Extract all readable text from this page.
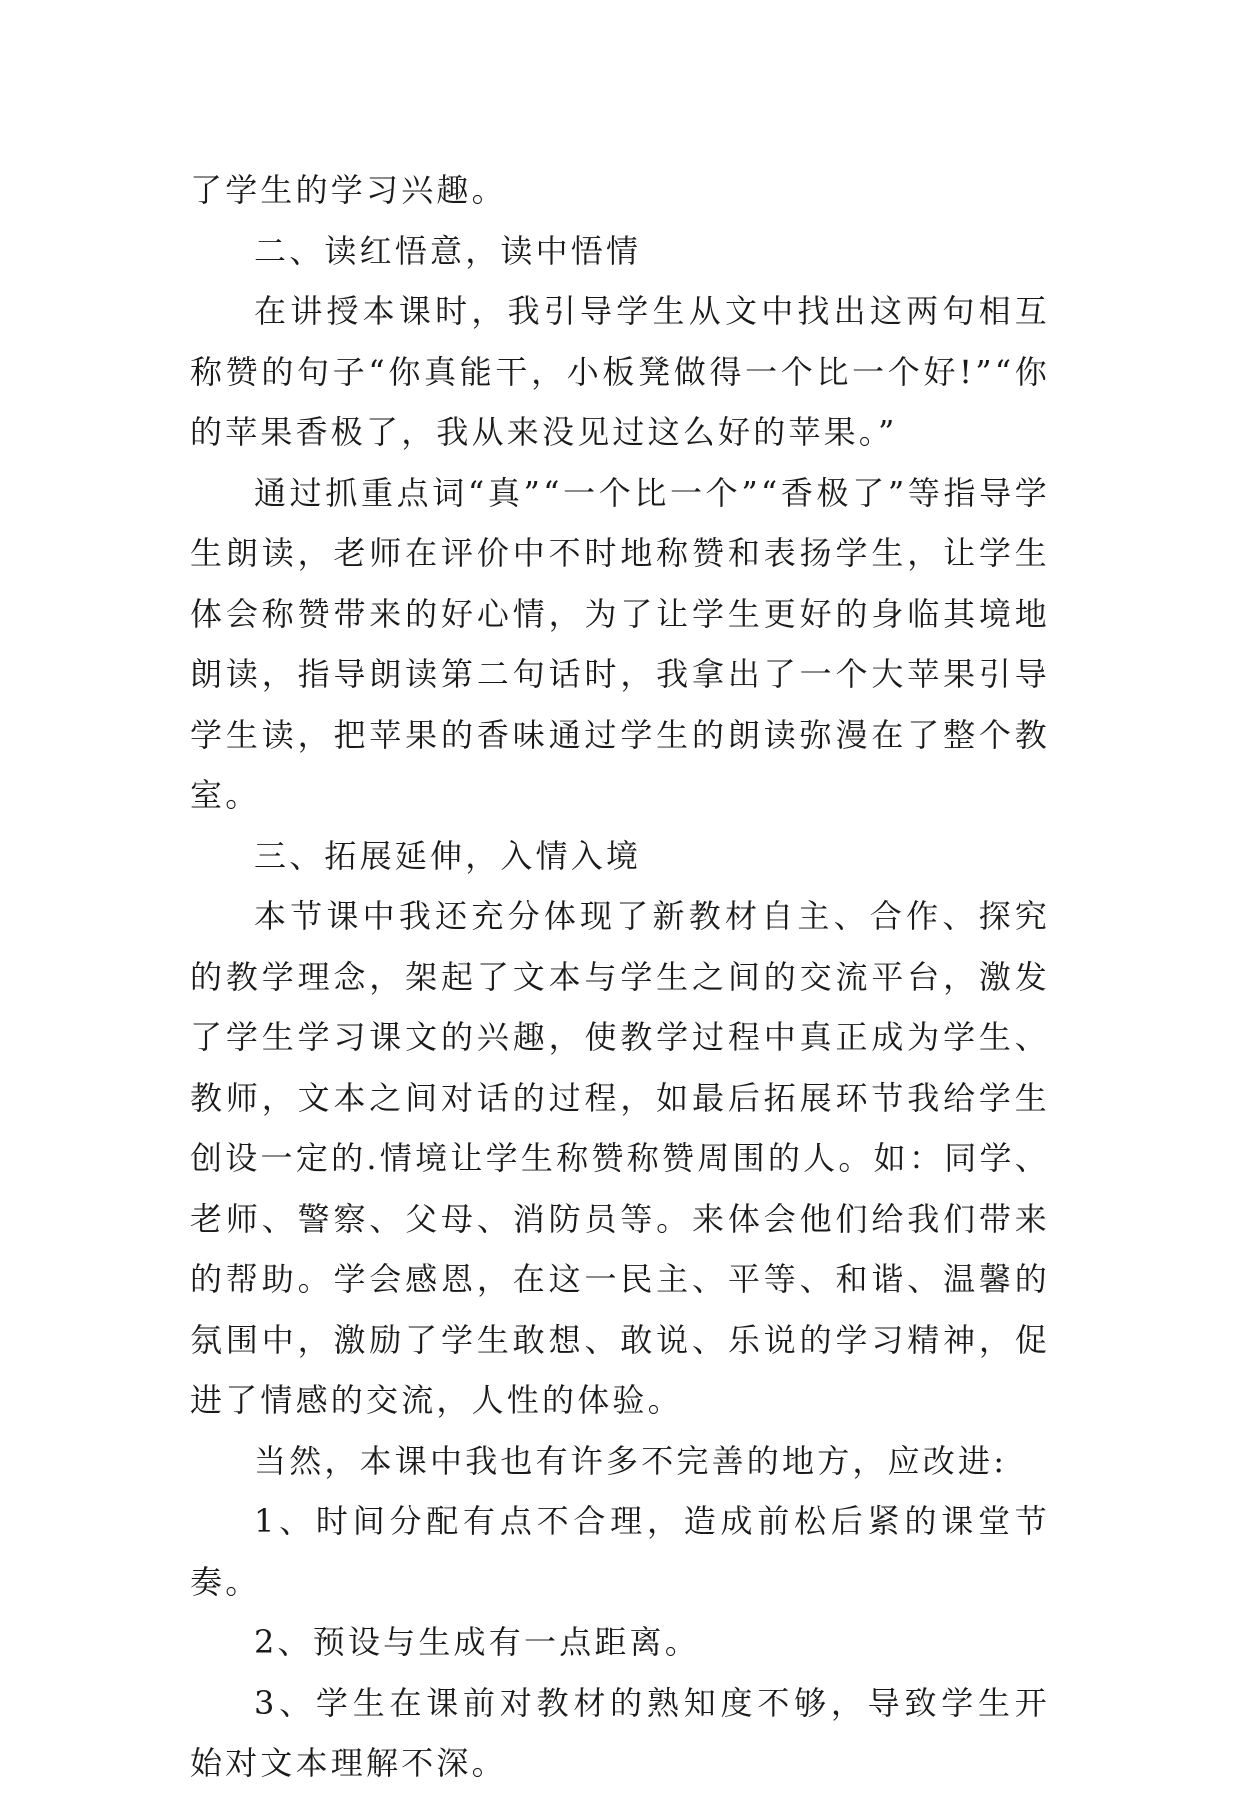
了学生的学习兴趣。

二、读红悟意，读中悟情

在讲授本课时，我引导学生从文中找出这两句相互称赞的句子“你真能干，小板凳做得一个比一个好!”“你的苹果香极了，我从来没见过这么好的苹果。”

通过抓重点词“真”“一个比一个”“香极了”等指导学生朗读，老师在评价中不时地称赞和表扬学生，让学生体会称赞带来的好心情，为了让学生更好的身临其境地朗读，指导朗读第二句话时，我拿出了一个大苹果引导学生读，把苹果的香味通过学生的朗读弥漫在了整个教室。

三、拓展延伸，入情入境

本节课中我还充分体现了新教材自主、合作、探究的教学理念，架起了文本与学生之间的交流平台，激发了学生学习课文的兴趣，使教学过程中真正成为学生、教师，文本之间对话的过程，如最后拓展环节我给学生创设一定的.情境让学生称赞称赞周围的人。如：同学、老师、警察、父母、消防员等。来体会他们给我们带来的帮助。学会感恩，在这一民主、平等、和谐、温馨的氛围中，激励了学生敢想、敢说、乐说的学习精神，促进了情感的交流，人性的体验。

当然，本课中我也有许多不完善的地方，应改进:

1、时间分配有点不合理，造成前松后紧的课堂节奏。

2、预设与生成有一点距离。

3、学生在课前对教材的熟知度不够，导致学生开始对文本理解不深。
